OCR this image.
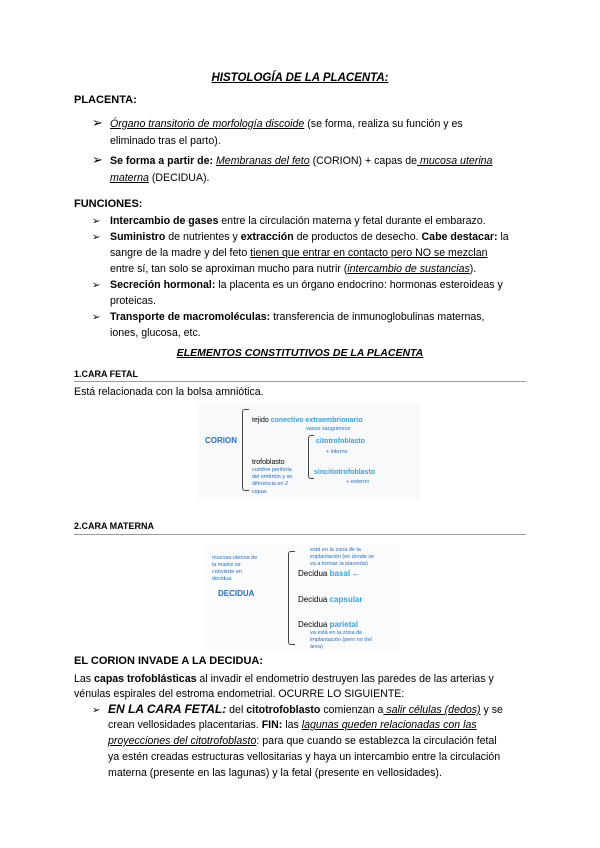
HISTOLOGÍA DE LA PLACENTA:
PLACENTA:
➢ Órgano transitorio de morfología discoide (se forma, realiza su función y es
eliminado tras el parto).
➢ Se forma a partir de: Membranas del feto (CORION) + capas de mucosa uterina
materna (DECIDUA).
FUNCIONES:
➢ Intercambio de gases entre la circulación materna y fetal durante el embarazo.
➢ Suministro de nutrientes y extracción de productos de desecho. Cabe destacar: la
sangre de la madre y del feto tienen que entrar en contacto pero NO se mezclan
entre sí, tan solo se aproximan mucho para nutrir (intercambio de sustancias).
➢ Secreción hormonal: la placenta es un órgano endocrino: hormonas esteroideas y
proteicas.
➢ Transporte de macromoléculas: transferencia de inmunoglobulinas maternas,
iones, glucosa, etc.
ELEMENTOS CONSTITUTIVOS DE LA PLACENTA
1.CARA FETAL
Está relacionada con la bolsa amniótica.
CORION
tejido conectivo extraembrionario
vasos sanguíneos
trofoblasto
cumbre periferia
del embrión y se
diferencia en 2
capas
citotrofoblasto
+ interno
sincitiotrofoblasto
+ externo
2.CARA MATERNA
mucosa uterina de
la madre se
convierte en
decidua
DECIDUA
está en la zona de la
implantación (es donde se
va a formar la placenta)
Decidua basal ←
Decidua capsular
Decidua parietal
va está en la zona de
implantación (pero no del
área)
EL CORION INVADE A LA DECIDUA:
Las capas trofoblásticas al invadir el endometrio destruyen las paredes de las arterias y
vénulas espirales del estroma endometrial. OCURRE LO SIGUIENTE:
➢ EN LA CARA FETAL: del citotrofoblasto comienzan a salir células (dedos) y se
crean vellosidades placentarias. FIN: las lagunas queden relacionadas con las
proyecciones del citotrofoblasto: para que cuando se establezca la circulación fetal
ya estén creadas estructuras vellositarias y haya un intercambio entre la circulación
materna (presente en las lagunas) y la fetal (presente en vellosidades).
